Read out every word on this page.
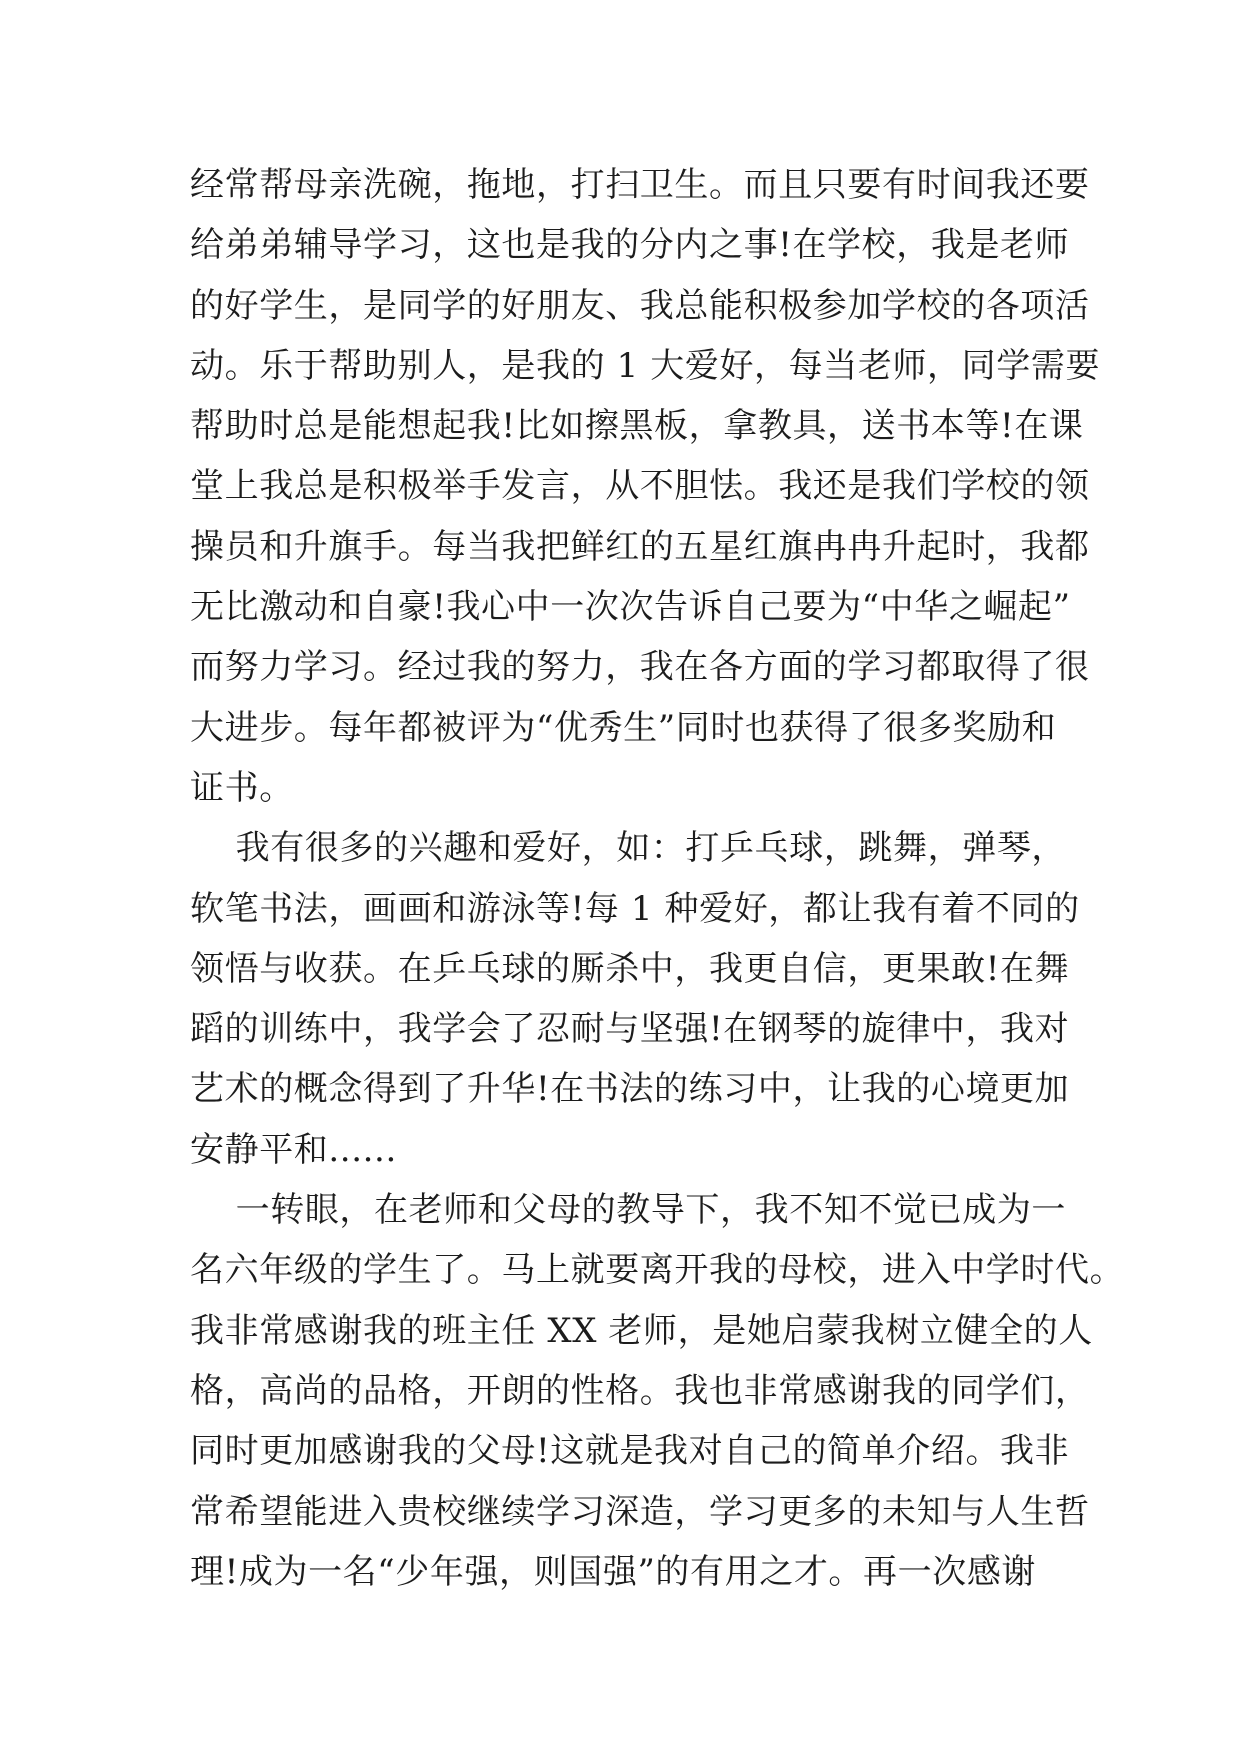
经常帮母亲洗碗，拖地，打扫卫生。而且只要有时间我还要
给弟弟辅导学习，这也是我的分内之事!在学校，我是老师
的好学生，是同学的好朋友、我总能积极参加学校的各项活
动。乐于帮助别人，是我的 1 大爱好，每当老师，同学需要
帮助时总是能想起我!比如擦黑板，拿教具，送书本等!在课
堂上我总是积极举手发言，从不胆怯。我还是我们学校的领
操员和升旗手。每当我把鲜红的五星红旗冉冉升起时，我都
无比激动和自豪!我心中一次次告诉自己要为“中华之崛起”
而努力学习。经过我的努力，我在各方面的学习都取得了很
大进步。每年都被评为“优秀生”同时也获得了很多奖励和
证书。
我有很多的兴趣和爱好，如：打乒乓球，跳舞，弹琴，
软笔书法，画画和游泳等!每 1 种爱好，都让我有着不同的
领悟与收获。在乒乓球的厮杀中，我更自信，更果敢!在舞
蹈的训练中，我学会了忍耐与坚强!在钢琴的旋律中，我对
艺术的概念得到了升华!在书法的练习中，让我的心境更加
安静平和......
一转眼，在老师和父母的教导下，我不知不觉已成为一
名六年级的学生了。马上就要离开我的母校，进入中学时代。
我非常感谢我的班主任 XX 老师，是她启蒙我树立健全的人
格，高尚的品格，开朗的性格。我也非常感谢我的同学们，
同时更加感谢我的父母!这就是我对自己的简单介绍。我非
常希望能进入贵校继续学习深造，学习更多的未知与人生哲
理!成为一名“少年强，则国强”的有用之才。再一次感谢
